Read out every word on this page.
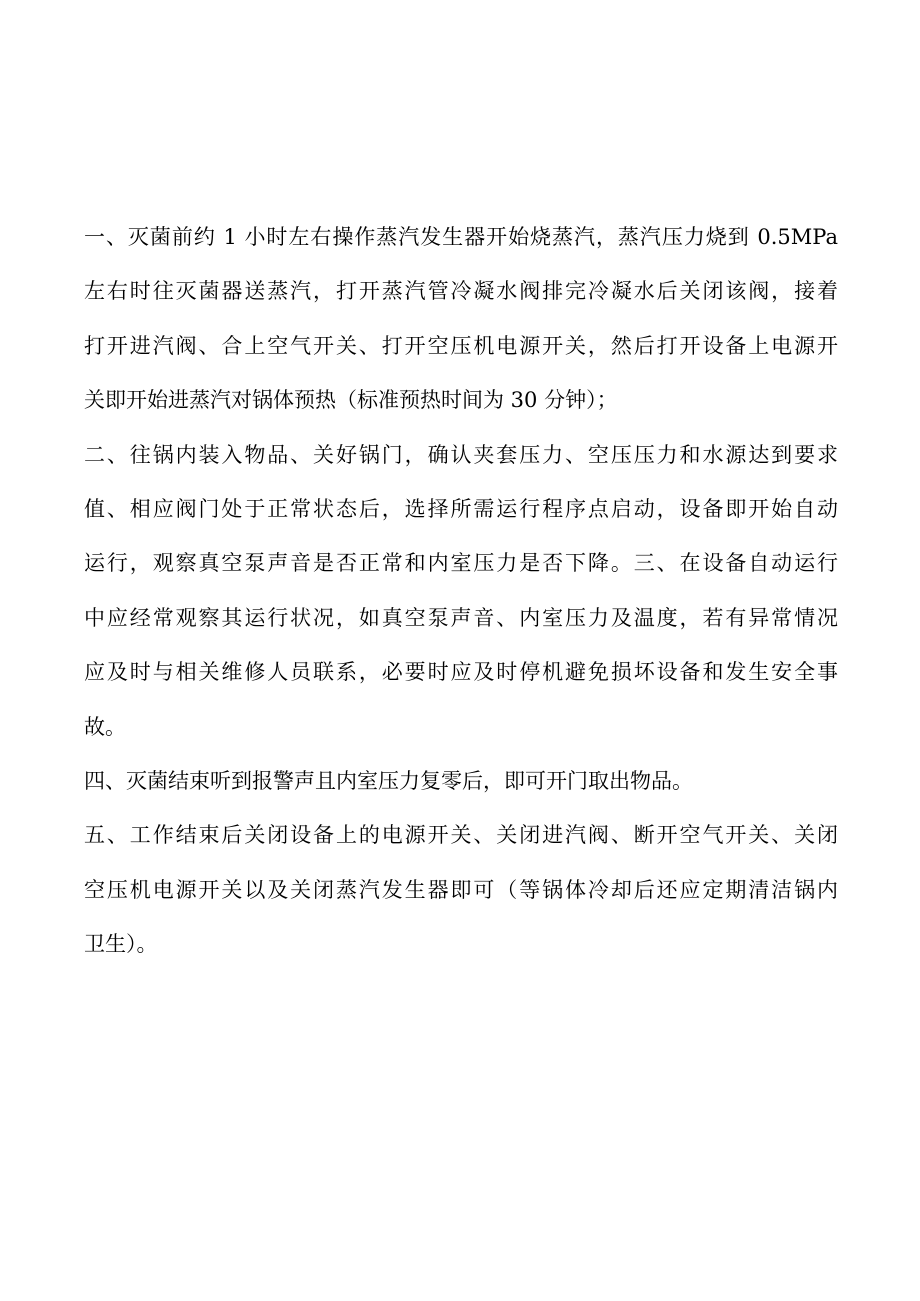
一、灭菌前约 1 小时左右操作蒸汽发生器开始烧蒸汽，蒸汽压力烧到 0.5MPa
左右时往灭菌器送蒸汽，打开蒸汽管冷凝水阀排完冷凝水后关闭该阀，接着
打开进汽阀、合上空气开关、打开空压机电源开关，然后打开设备上电源开
关即开始进蒸汽对锅体预热（标准预热时间为 30 分钟）；
二、往锅内装入物品、关好锅门，确认夹套压力、空压压力和水源达到要求
值、相应阀门处于正常状态后，选择所需运行程序点启动，设备即开始自动
运行，观察真空泵声音是否正常和内室压力是否下降。三、在设备自动运行
中应经常观察其运行状况，如真空泵声音、内室压力及温度，若有异常情况
应及时与相关维修人员联系，必要时应及时停机避免损坏设备和发生安全事
故。
四、灭菌结束听到报警声且内室压力复零后，即可开门取出物品。
五、工作结束后关闭设备上的电源开关、关闭进汽阀、断开空气开关、关闭
空压机电源开关以及关闭蒸汽发生器即可（等锅体冷却后还应定期清洁锅内
卫生）。
